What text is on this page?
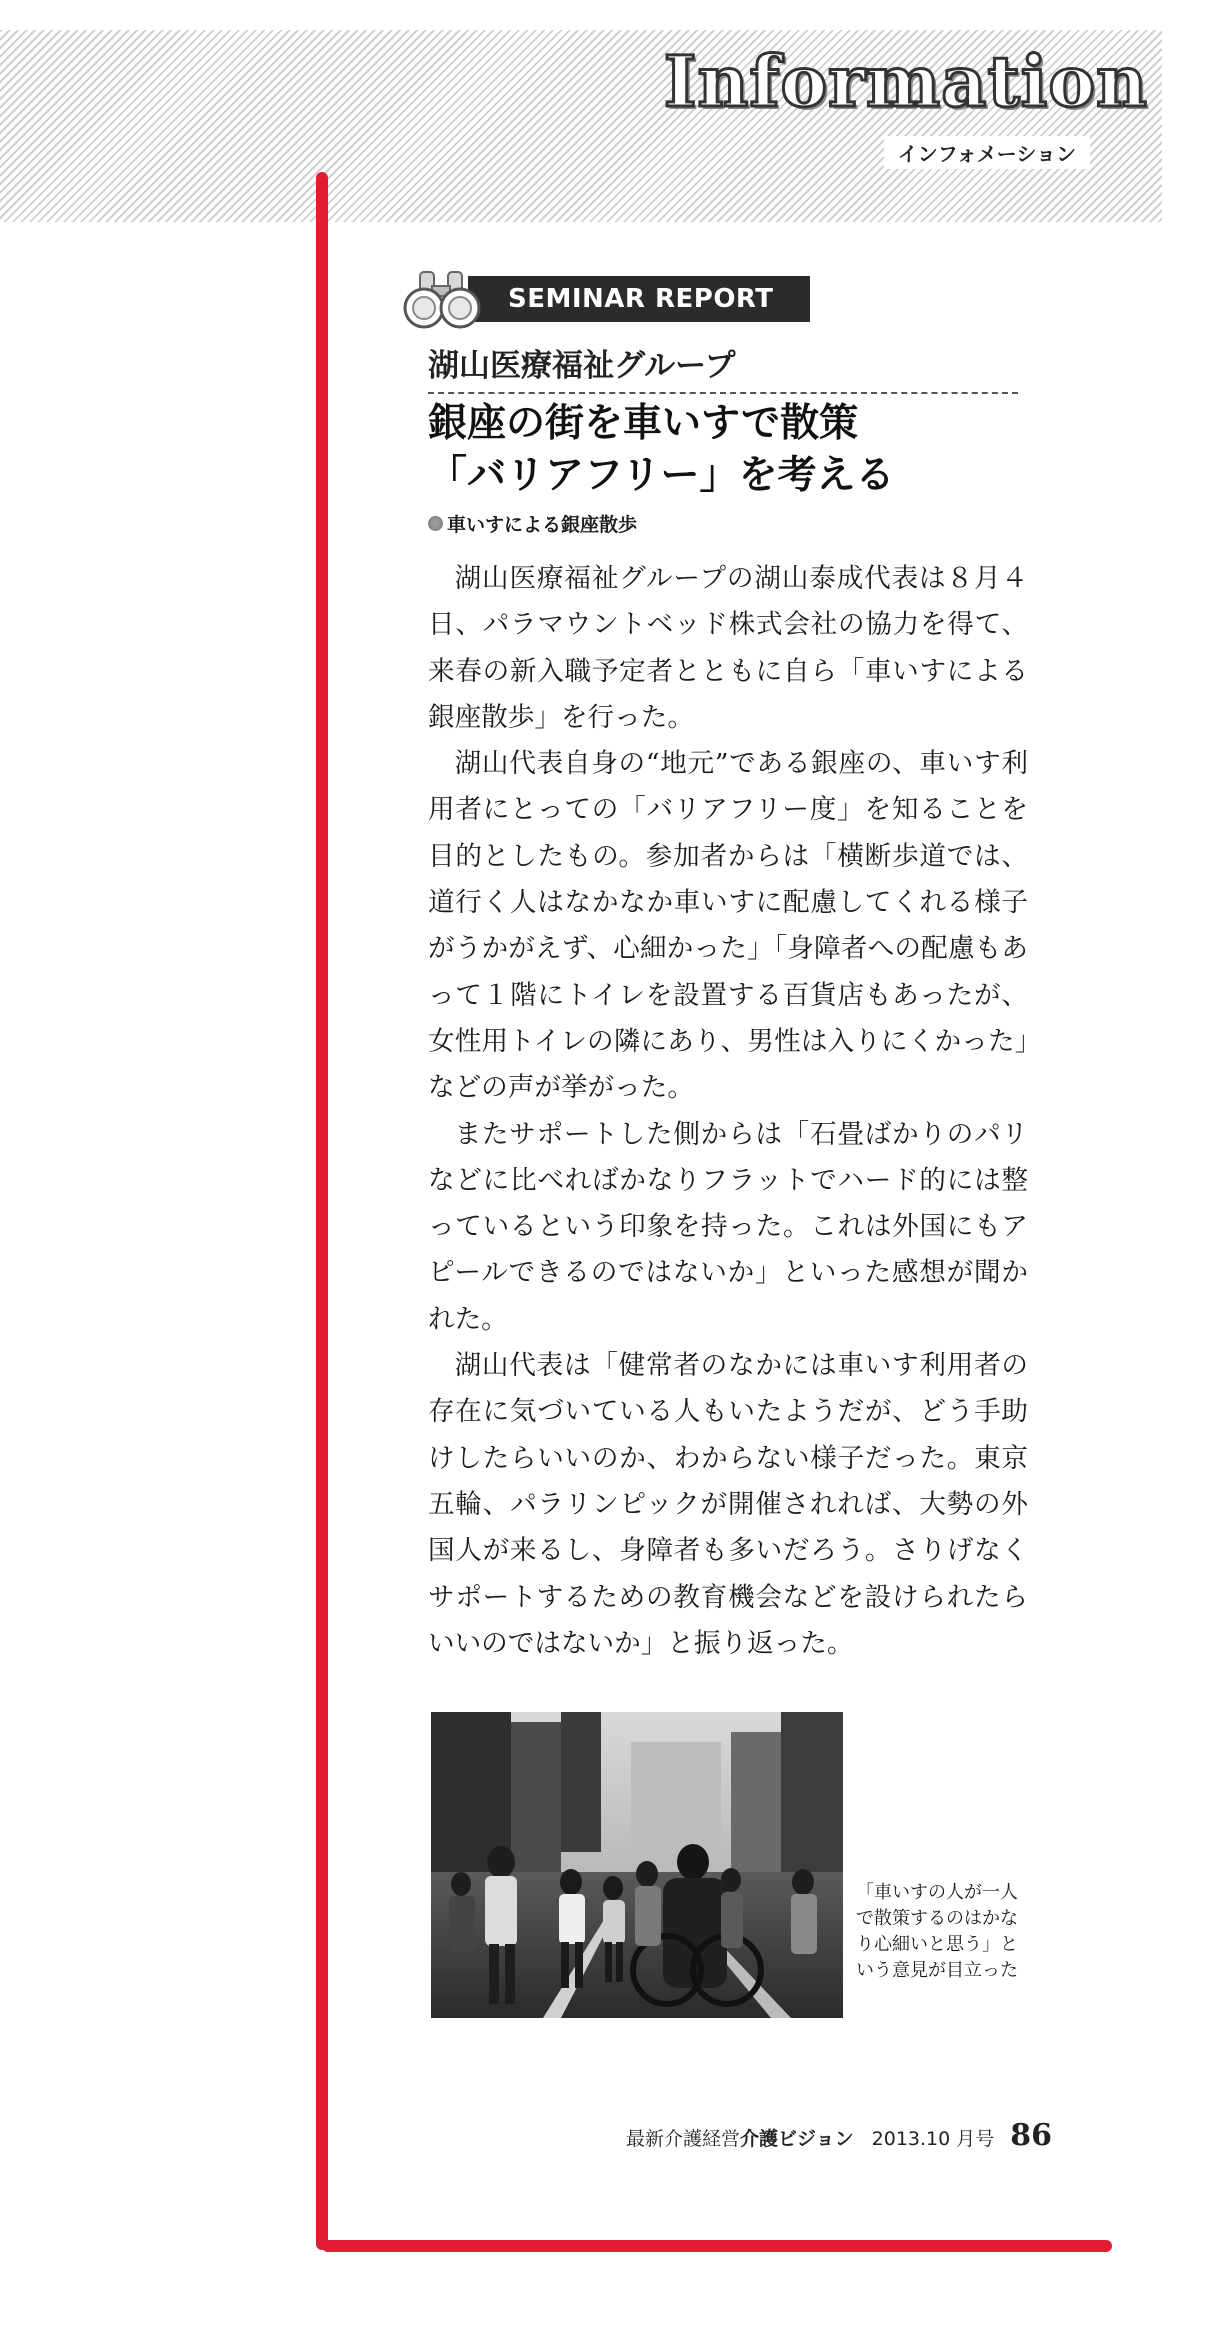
Information
インフォメーション
SEMINAR REPORT
湖山医療福祉グループ
銀座の街を車いすで散策
「バリアフリー」を考える
車いすによる銀座散歩

湖山医療福祉グループの湖山泰成代表は８月４日、パラマウントベッド株式会社の協力を得て、来春の新入職予定者とともに自ら「車いすによる銀座散歩」を行った。

湖山代表自身の“地元”である銀座の、車いす利用者にとっての「バリアフリー度」を知ることを目的としたもの。参加者からは「横断歩道では、道行く人はなかなか車いすに配慮してくれる様子がうかがえず、心細かった」「身障者への配慮もあって１階にトイレを設置する百貨店もあったが、女性用トイレの隣にあり、男性は入りにくかった」などの声が挙がった。

またサポートした側からは「石畳ばかりのパリなどに比べればかなりフラットでハード的には整っているという印象を持った。これは外国にもアピールできるのではないか」といった感想が聞かれた。

湖山代表は「健常者のなかには車いす利用者の存在に気づいている人もいたようだが、どう手助けしたらいいのか、わからない様子だった。東京五輪、パラリンピックが開催されれば、大勢の外国人が来るし、身障者も多いだろう。さりげなくサポートするための教育機会などを設けられたらいいのではないか」と振り返った。

「車いすの人が一人で散策するのはかなり心細いと思う」という意見が目立った
最新介護経営介護ビジョン 2013.10 月号 86
